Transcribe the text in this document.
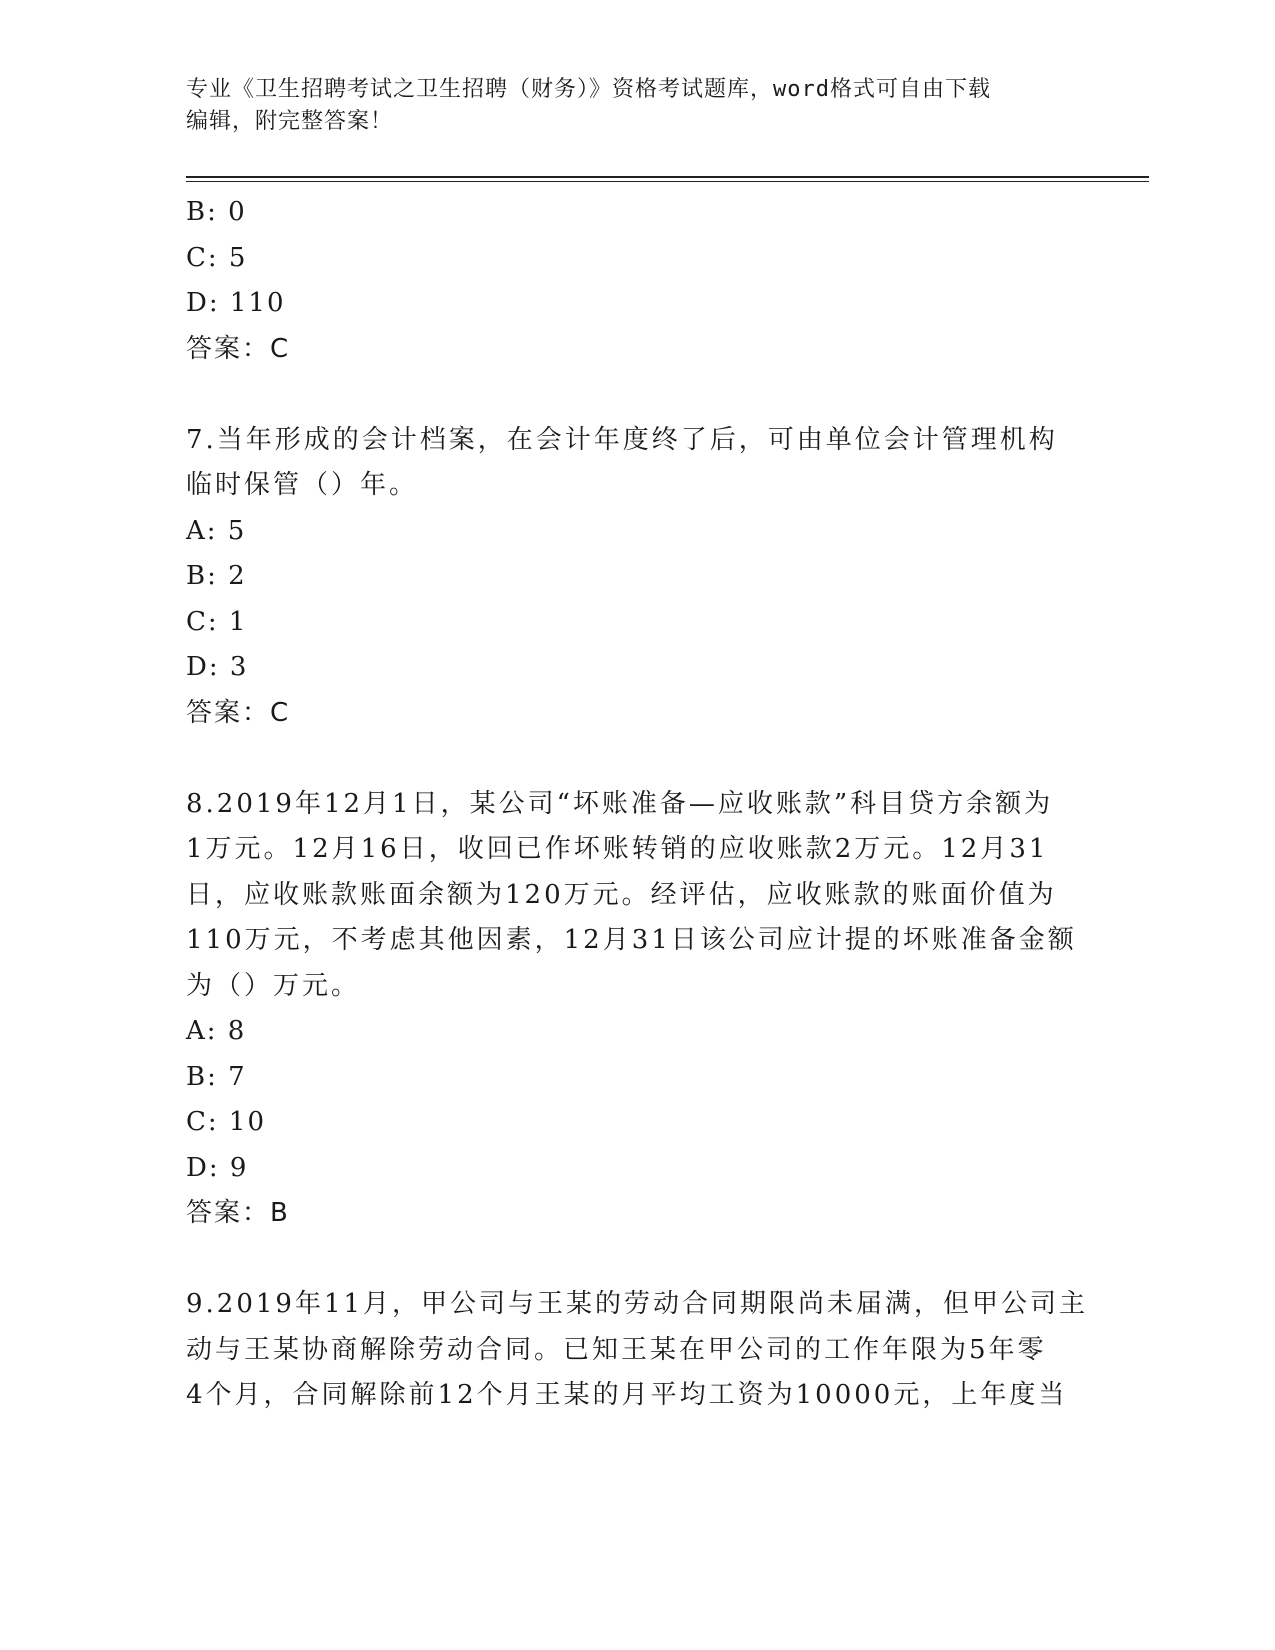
专业《卫生招聘考试之卫生招聘（财务）》资格考试题库，word格式可自由下载
编辑，附完整答案！
B: 0
C: 5
D: 110
答案：C
7.当年形成的会计档案，在会计年度终了后，可由单位会计管理机构
临时保管（）年。
A: 5
B: 2
C: 1
D: 3
答案：C
8.2019年12月1日，某公司“坏账准备—应收账款”科目贷方余额为
1万元。12月16日，收回已作坏账转销的应收账款2万元。12月31
日，应收账款账面余额为120万元。经评估，应收账款的账面价值为
110万元，不考虑其他因素，12月31日该公司应计提的坏账准备金额
为（）万元。
A: 8
B: 7
C: 10
D: 9
答案：B
9.2019年11月，甲公司与王某的劳动合同期限尚未届满，但甲公司主
动与王某协商解除劳动合同。已知王某在甲公司的工作年限为5年零
4个月，合同解除前12个月王某的月平均工资为10000元，上年度当
